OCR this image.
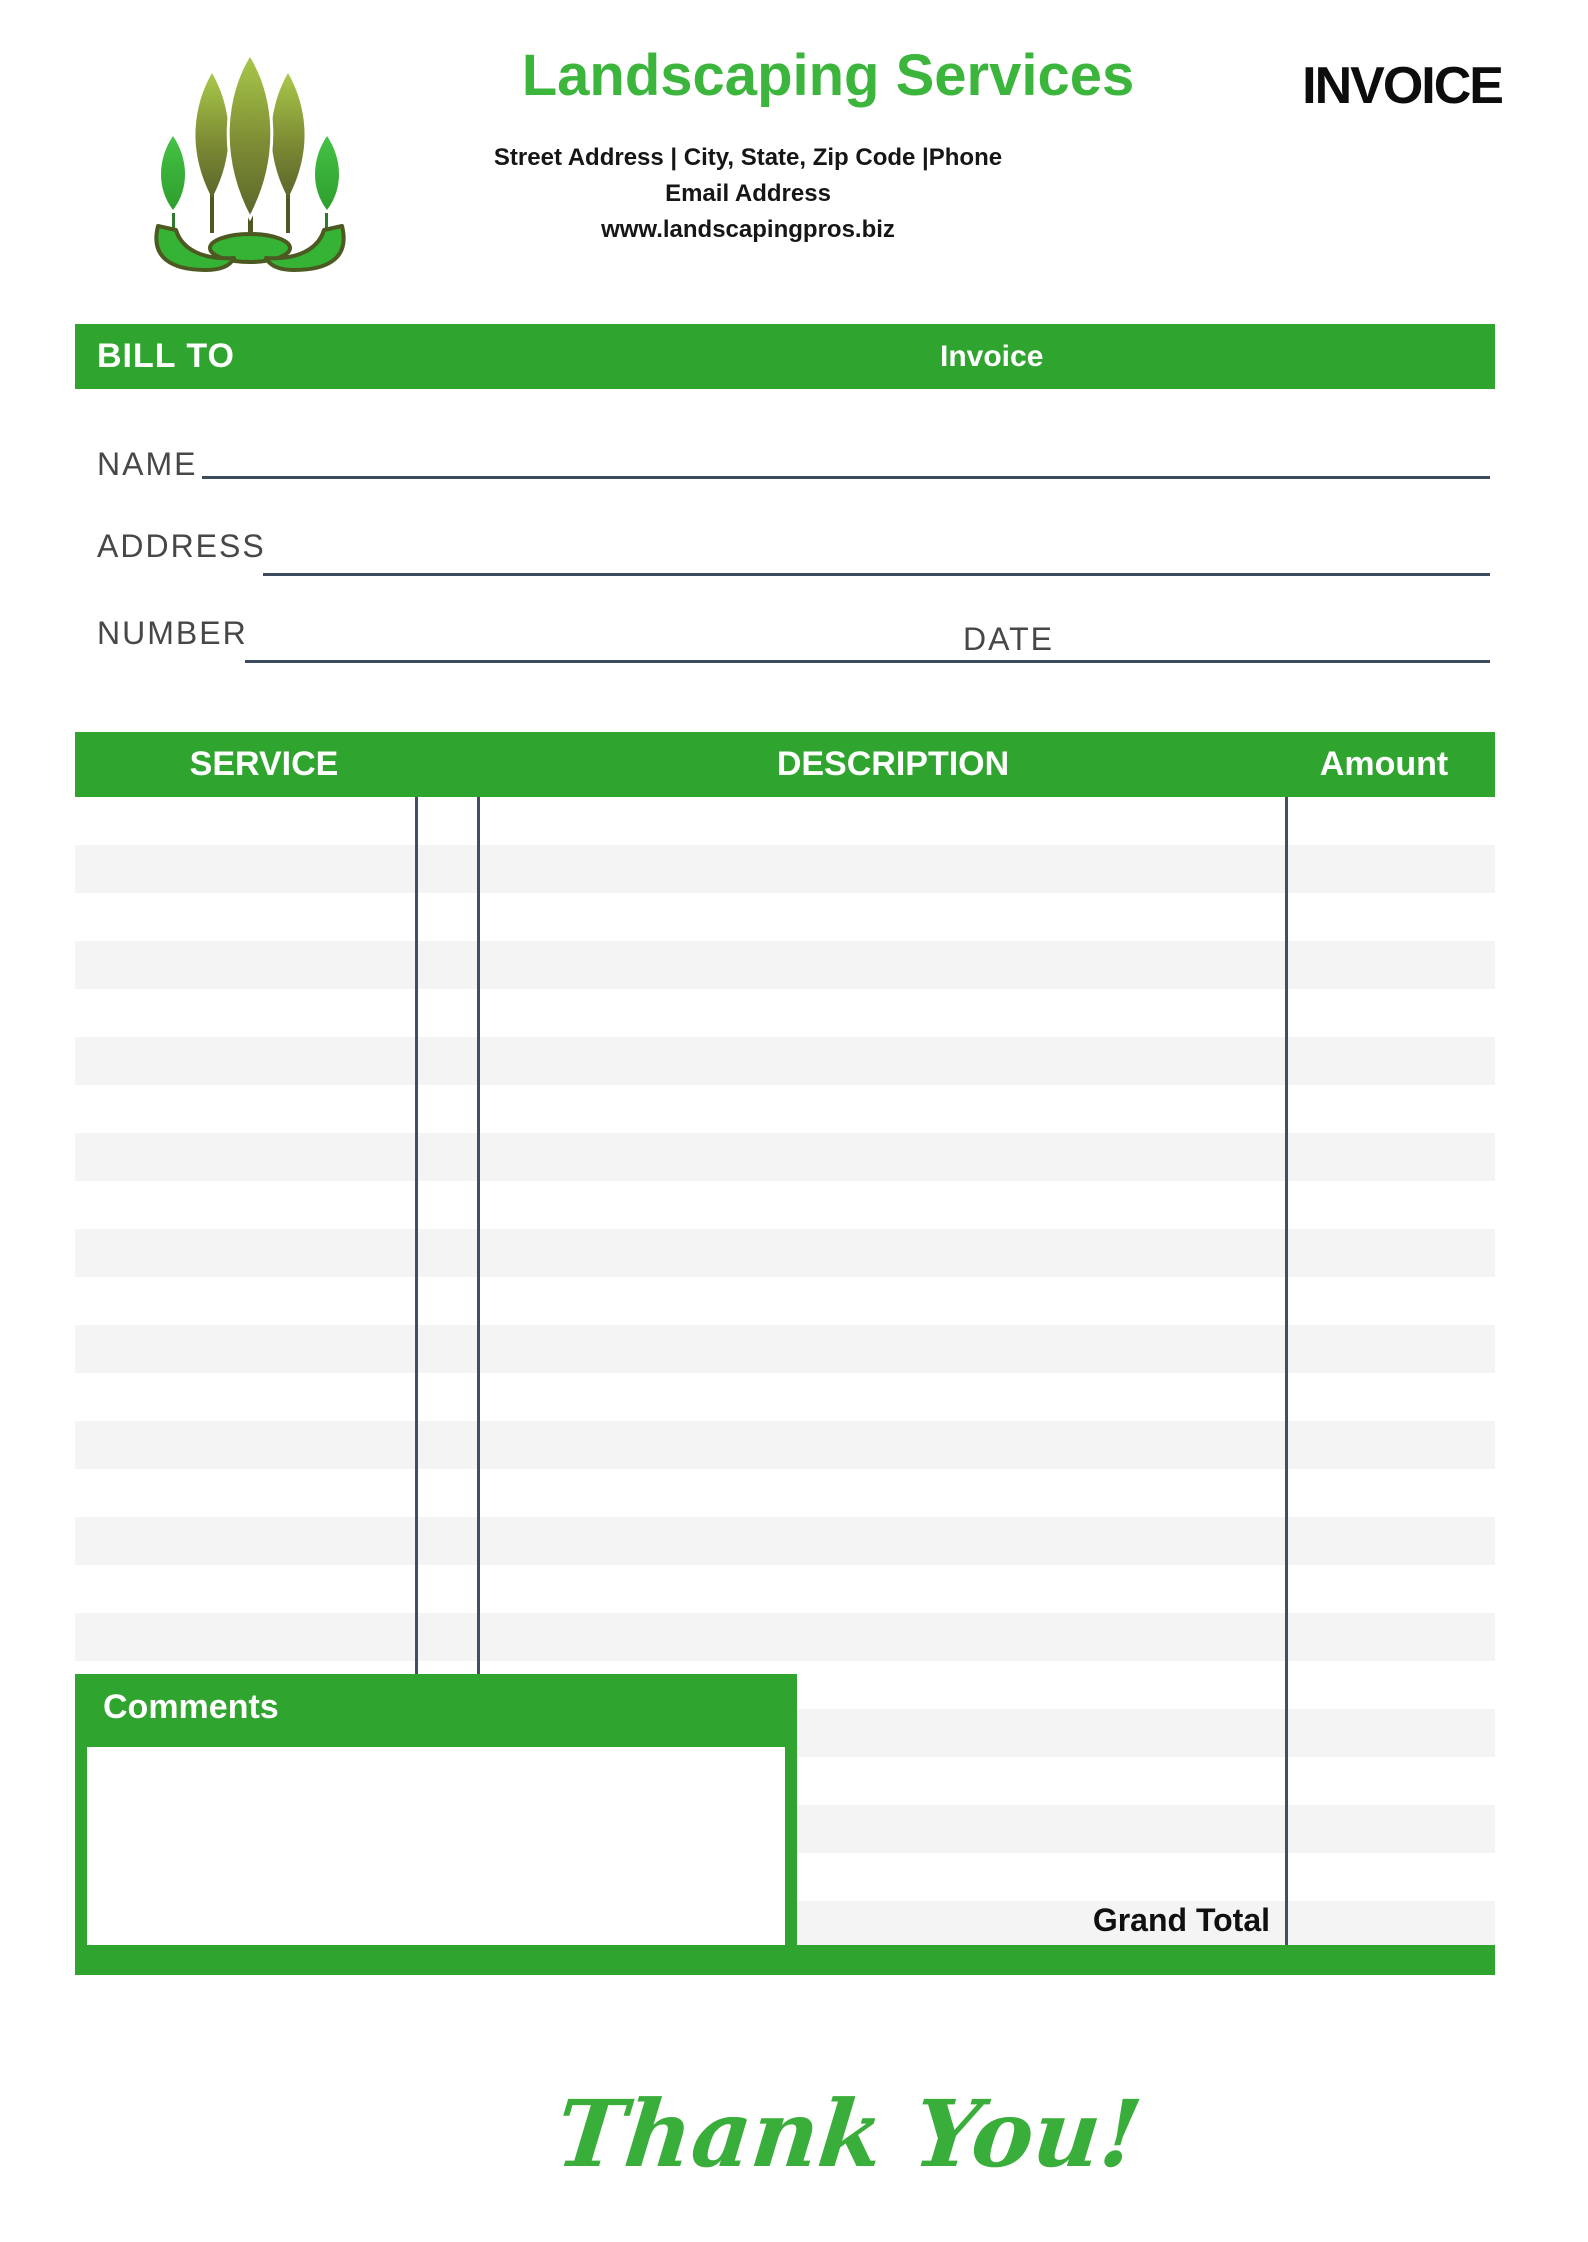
Landscaping Services
Street Address | City, State, Zip Code |Phone
Email Address
www.landscapingpros.biz
INVOICE
BILL TO	Invoice
NAME
ADDRESS
NUMBER	DATE
SERVICE	DESCRIPTION	Amount
Grand Total
Comments
Thank You!
